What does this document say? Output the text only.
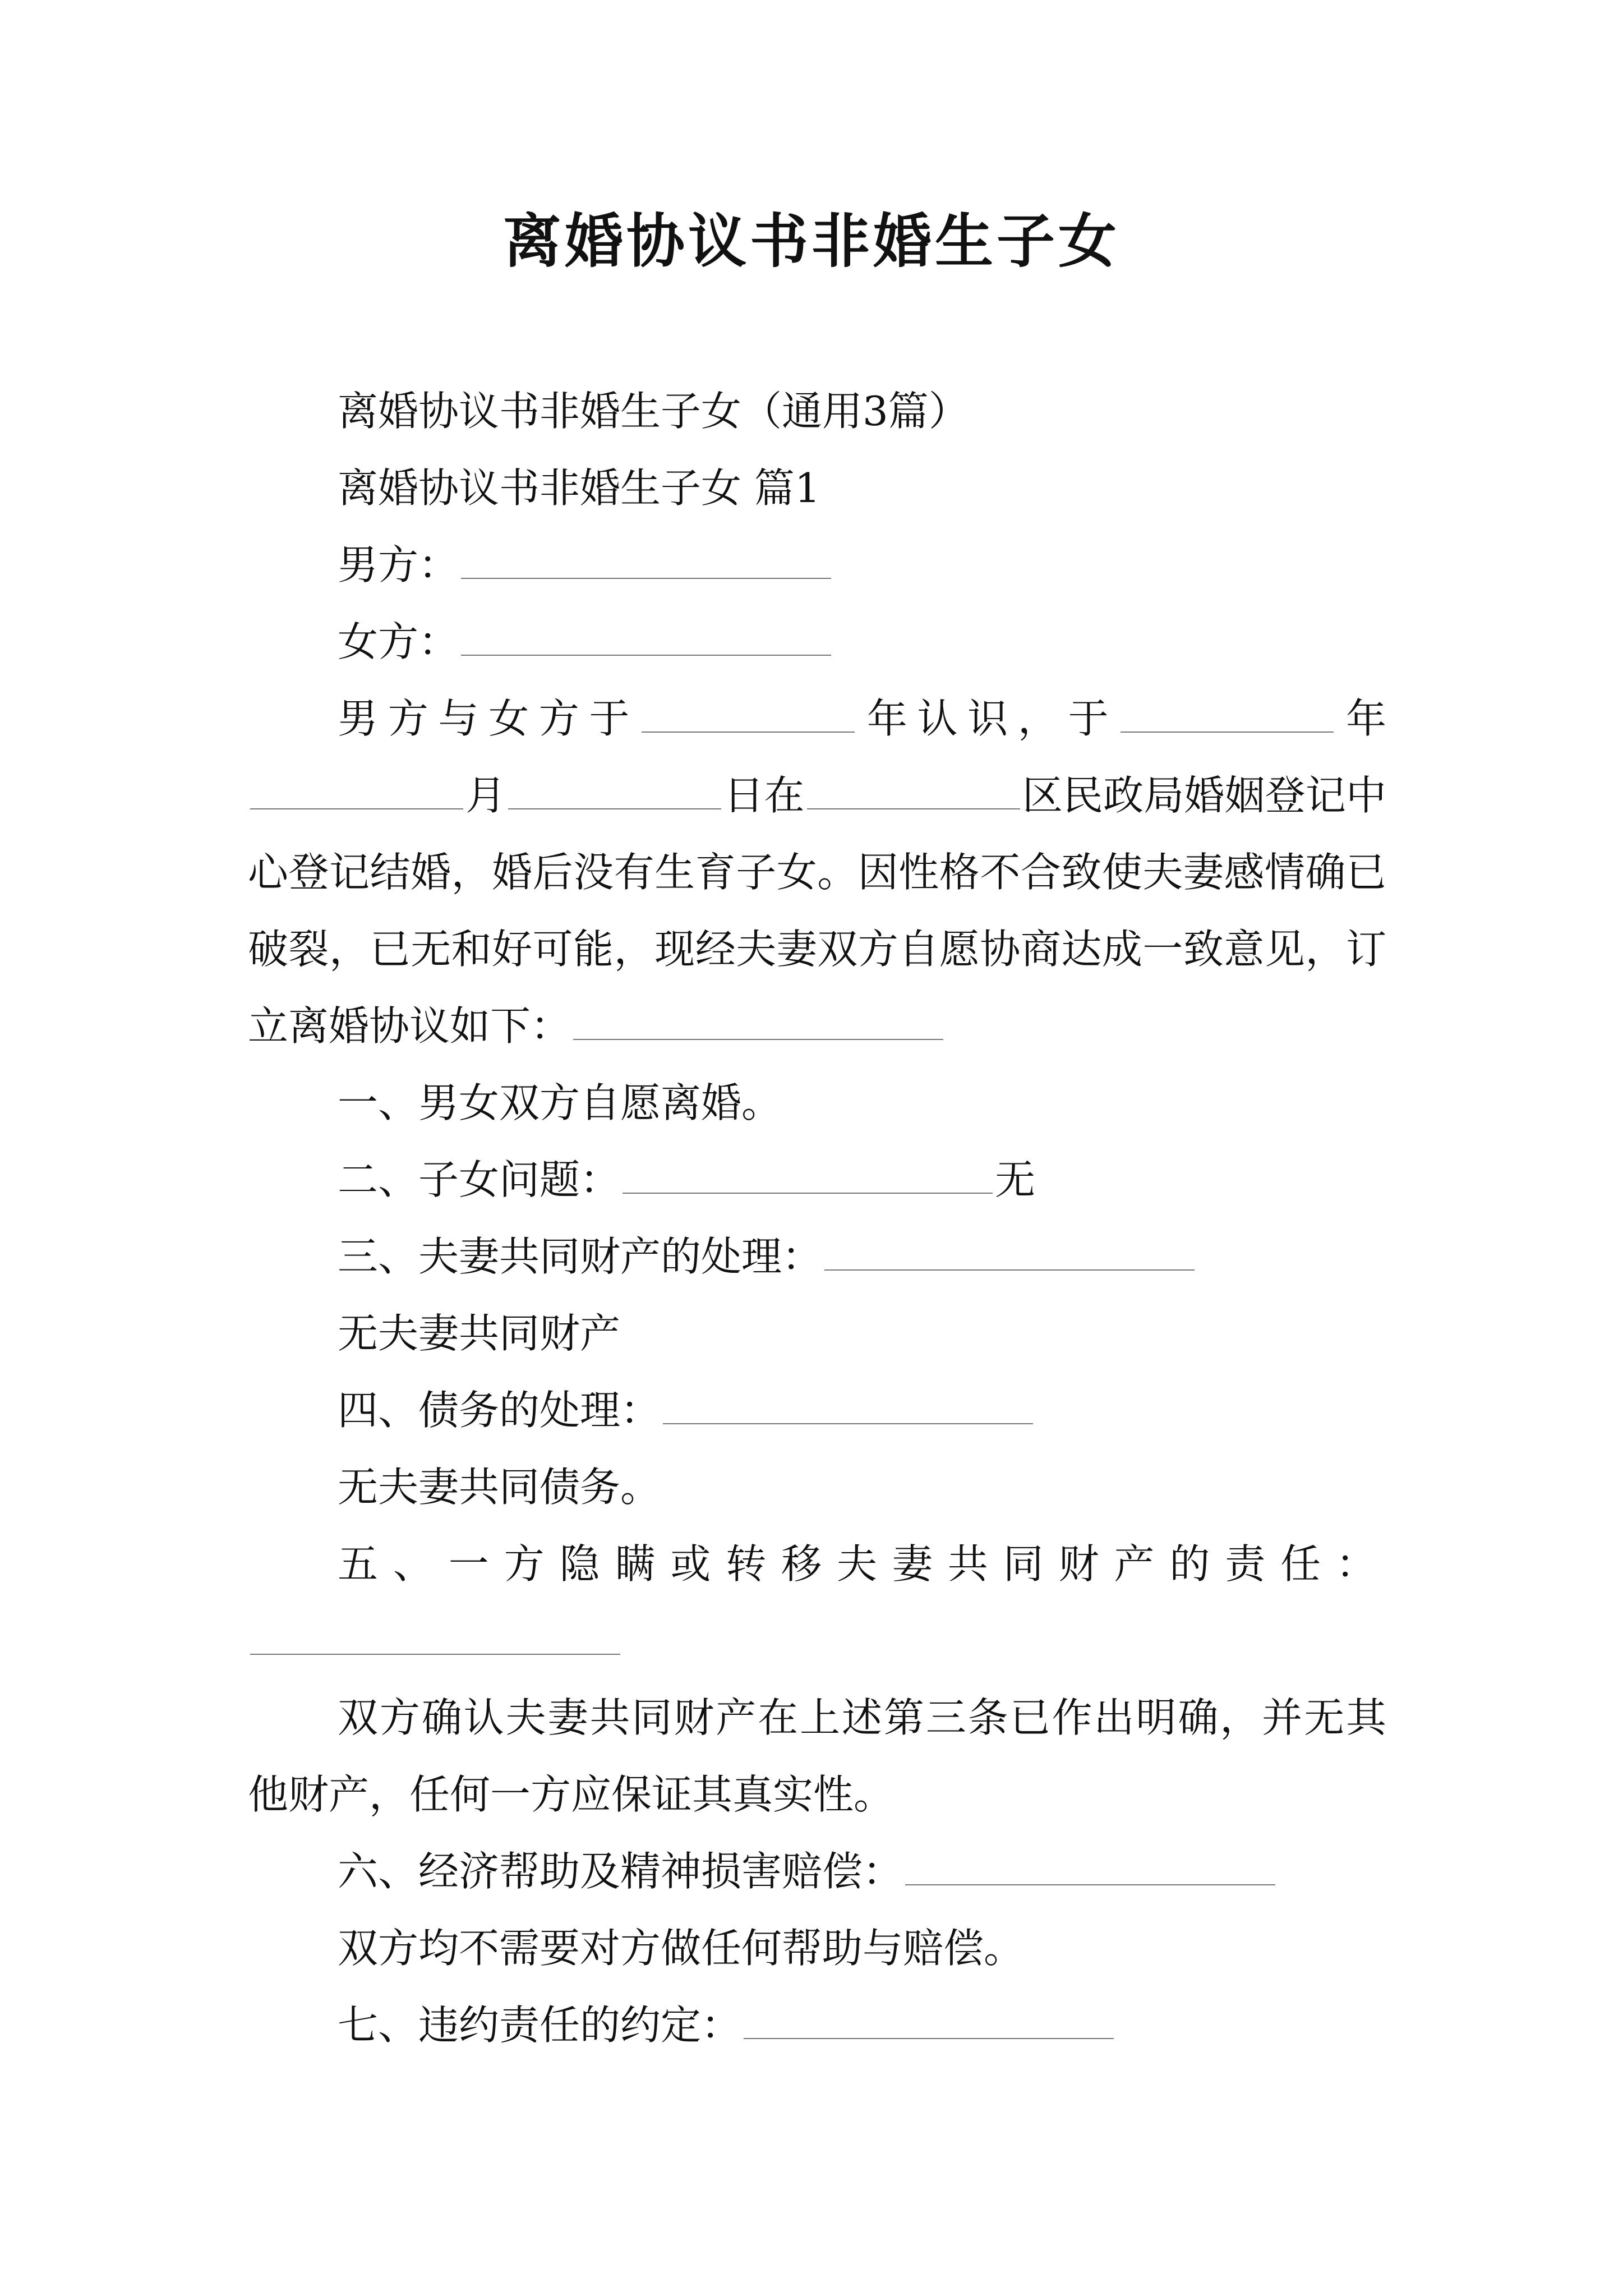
离婚协议书非婚生子女

离婚协议书非婚生子女（通用3篇）

离婚协议书非婚生子女 篇1

男方：

女方：

男方与女方于	年认识，于	年

月	日在	区民政局婚姻登记中心登记结婚，婚后没有生育子女。因性格不合致使夫妻感情确已破裂，已无和好可能，现经夫妻双方自愿协商达成一致意见，订立离婚协议如下：

一、男女双方自愿离婚。

二、子女问题：	无

三、夫妻共同财产的处理：

无夫妻共同财产

四、债务的处理：

无夫妻共同债务。

五、一方隐瞒或转移夫妻共同财产的责任：

双方确认夫妻共同财产在上述第三条已作出明确，并无其他财产，任何一方应保证其真实性。

六、经济帮助及精神损害赔偿：

双方均不需要对方做任何帮助与赔偿。

七、违约责任的约定：
